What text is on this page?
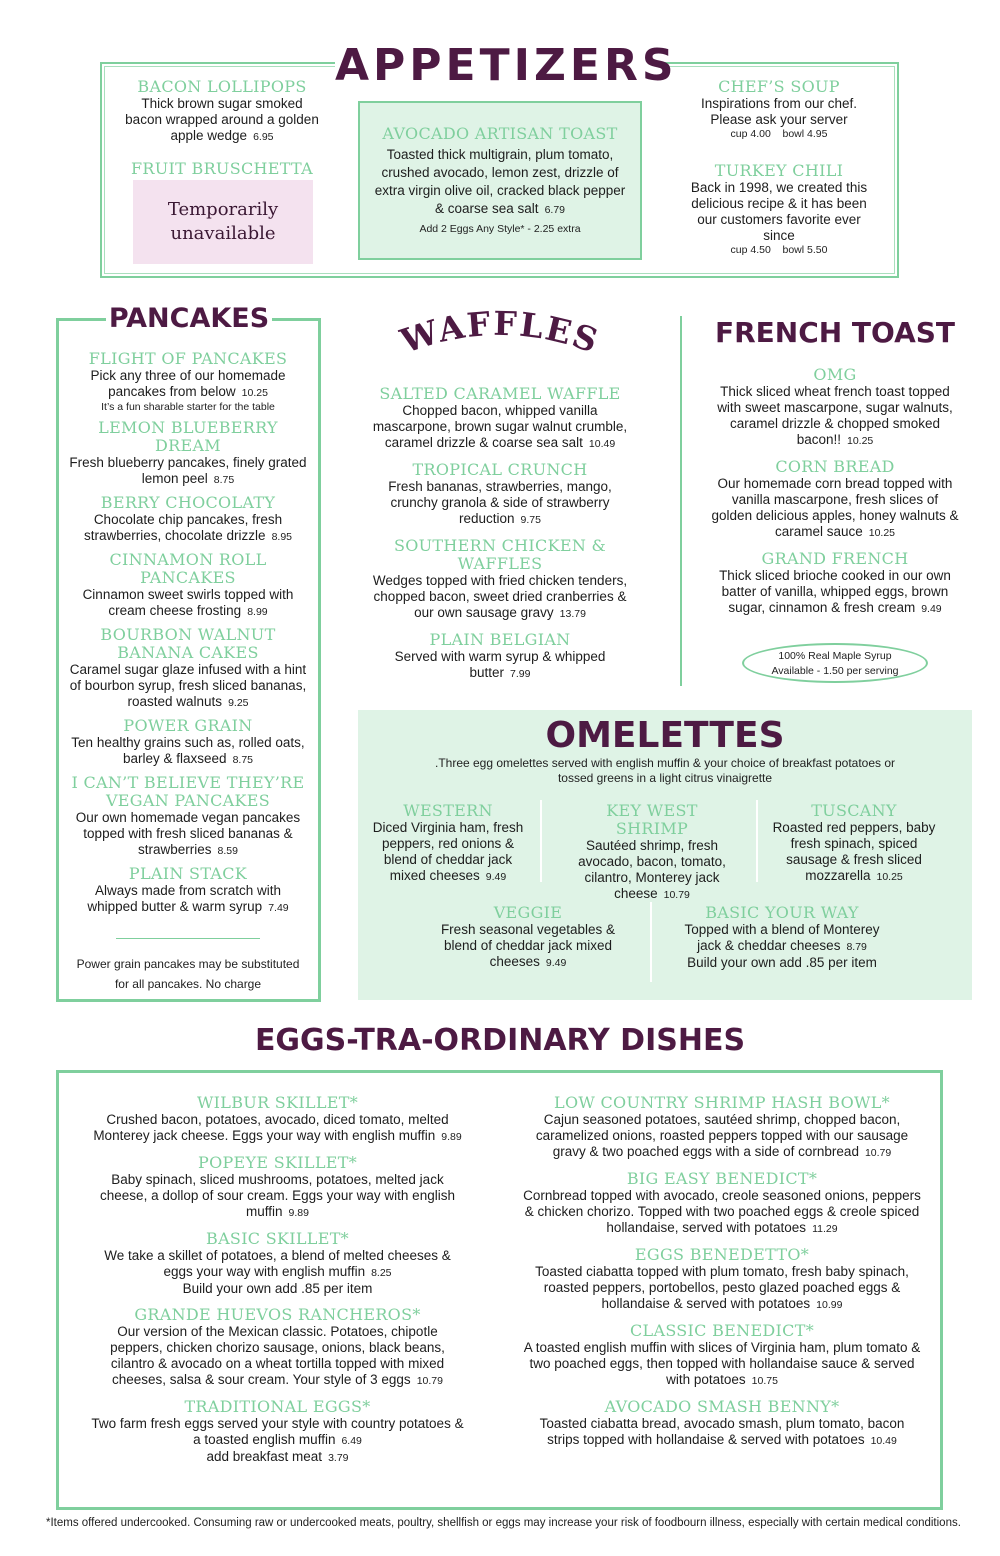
APPETIZERS
BACON LOLLIPOPS
Thick brown sugar smoked bacon wrapped around a golden apple wedge 6.95
FRUIT BRUSCHETTA
Temporarily unavailable
AVOCADO ARTISAN TOAST
Toasted thick multigrain, plum tomato, crushed avocado, lemon zest, drizzle of extra virgin olive oil, cracked black pepper & coarse sea salt 6.79
Add 2 Eggs Any Style* - 2.25 extra
CHEF’S SOUP
Inspirations from our chef. Please ask your server
cup 4.00 bowl 4.95
TURKEY CHILI
Back in 1998, we created this delicious recipe & it has been our customers favorite ever since
cup 4.50 bowl 5.50
PANCAKES
FLIGHT OF PANCAKES
Pick any three of our homemade pancakes from below 10.25
It’s a fun sharable starter for the table
LEMON BLUEBERRY DREAM
Fresh blueberry pancakes, finely grated lemon peel 8.75
BERRY CHOCOLATY
Chocolate chip pancakes, fresh strawberries, chocolate drizzle 8.95
CINNAMON ROLL PANCAKES
Cinnamon sweet swirls topped with cream cheese frosting 8.99
BOURBON WALNUT BANANA CAKES
Caramel sugar glaze infused with a hint of bourbon syrup, fresh sliced bananas, roasted walnuts 9.25
POWER GRAIN
Ten healthy grains such as, rolled oats, barley & flaxseed 8.75
I CAN’T BELIEVE THEY’RE VEGAN PANCAKES
Our own homemade vegan pancakes topped with fresh sliced bananas & strawberries 8.59
PLAIN STACK
Always made from scratch with whipped butter & warm syrup 7.49
Power grain pancakes may be substituted for all pancakes. No charge
WAFFLES
SALTED CARAMEL WAFFLE
Chopped bacon, whipped vanilla mascarpone, brown sugar walnut crumble, caramel drizzle & coarse sea salt 10.49
TROPICAL CRUNCH
Fresh bananas, strawberries, mango, crunchy granola & side of strawberry reduction 9.75
SOUTHERN CHICKEN & WAFFLES
Wedges topped with fried chicken tenders, chopped bacon, sweet dried cranberries & our own sausage gravy 13.79
PLAIN BELGIAN
Served with warm syrup & whipped butter 7.99
FRENCH TOAST
OMG
Thick sliced wheat french toast topped with sweet mascarpone, sugar walnuts, caramel drizzle & chopped smoked bacon!! 10.25
CORN BREAD
Our homemade corn bread topped with vanilla mascarpone, fresh slices of golden delicious apples, honey walnuts & caramel sauce 10.25
GRAND FRENCH
Thick sliced brioche cooked in our own batter of vanilla, whipped eggs, brown sugar, cinnamon & fresh cream 9.49
100% Real Maple Syrup
Available - 1.50 per serving
OMELETTES
.Three egg omelettes served with english muffin & your choice of breakfast potatoes or tossed greens in a light citrus vinaigrette
WESTERN
Diced Virginia ham, fresh peppers, red onions & blend of cheddar jack mixed cheeses 9.49
KEY WEST SHRIMP
Sautéed shrimp, fresh avocado, bacon, tomato, cilantro, Monterey jack cheese 10.79
TUSCANY
Roasted red peppers, baby fresh spinach, spiced sausage & fresh sliced mozzarella 10.25
VEGGIE
Fresh seasonal vegetables & blend of cheddar jack mixed cheeses 9.49
BASIC YOUR WAY
Topped with a blend of Monterey jack & cheddar cheeses 8.79
Build your own add .85 per item
EGGS-TRA-ORDINARY DISHES
WILBUR SKILLET*
Crushed bacon, potatoes, avocado, diced tomato, melted Monterey jack cheese. Eggs your way with english muffin 9.89
POPEYE SKILLET*
Baby spinach, sliced mushrooms, potatoes, melted jack cheese, a dollop of sour cream. Eggs your way with english muffin 9.89
BASIC SKILLET*
We take a skillet of potatoes, a blend of melted cheeses & eggs your way with english muffin 8.25
Build your own add .85 per item
GRANDE HUEVOS RANCHEROS*
Our version of the Mexican classic. Potatoes, chipotle peppers, chicken chorizo sausage, onions, black beans, cilantro & avocado on a wheat tortilla topped with mixed cheeses, salsa & sour cream. Your style of 3 eggs 10.79
TRADITIONAL EGGS*
Two farm fresh eggs served your style with country potatoes & a toasted english muffin 6.49
add breakfast meat 3.79
LOW COUNTRY SHRIMP HASH BOWL*
Cajun seasoned potatoes, sautéed shrimp, chopped bacon, caramelized onions, roasted peppers topped with our sausage gravy & two poached eggs with a side of cornbread 10.79
BIG EASY BENEDICT*
Cornbread topped with avocado, creole seasoned onions, peppers & chicken chorizo. Topped with two poached eggs & creole spiced hollandaise, served with potatoes 11.29
EGGS BENEDETTO*
Toasted ciabatta topped with plum tomato, fresh baby spinach, roasted peppers, portobellos, pesto glazed poached eggs & hollandaise & served with potatoes 10.99
CLASSIC BENEDICT*
A toasted english muffin with slices of Virginia ham, plum tomato & two poached eggs, then topped with hollandaise sauce & served with potatoes 10.75
AVOCADO SMASH BENNY*
Toasted ciabatta bread, avocado smash, plum tomato, bacon strips topped with hollandaise & served with potatoes 10.49
*Items offered undercooked. Consuming raw or undercooked meats, poultry, shellfish or eggs may increase your risk of foodbourn illness, especially with certain medical conditions.
